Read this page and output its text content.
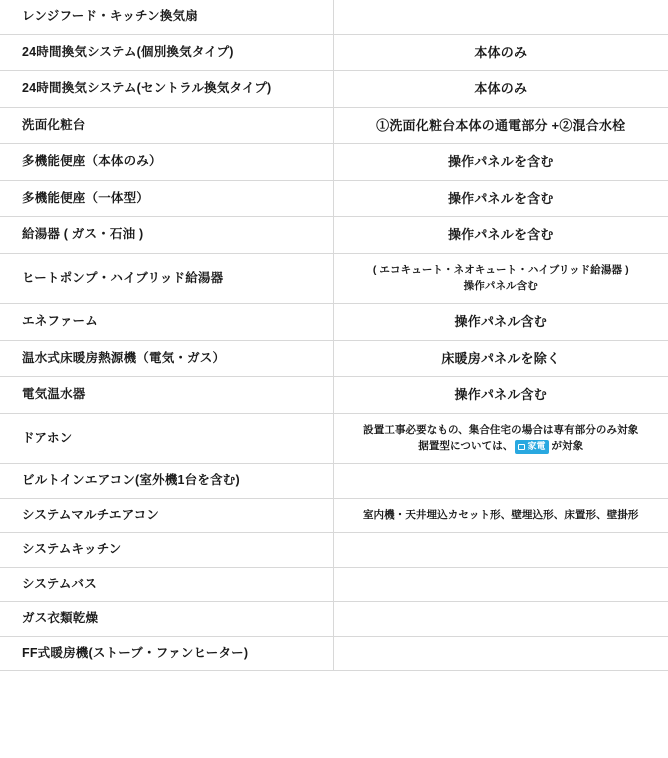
レンジフード・キッチン換気扇	

24時間換気システム(個別換気タイプ)	本体のみ

24時間換気システム(セントラル換気タイプ)	本体のみ

洗面化粧台	①洗面化粧台本体の通電部分 +②混合水栓

多機能便座（本体のみ）	操作パネルを含む

多機能便座（一体型）	操作パネルを含む

給湯器 ( ガス・石油 )	操作パネルを含む

ヒートポンプ・ハイブリッド給湯器	( エコキュート・ネオキュート・ハイブリッド給湯器 )
操作パネル含む

エネファーム	操作パネル含む

温水式床暖房熱源機（電気・ガス）	床暖房パネルを除く

電気温水器	操作パネル含む

ドアホン	設置工事必要なもの、集合住宅の場合は専有部分のみ対象
据置型については、 家電 が対象

ビルトインエアコン(室外機1台を含む)	

システムマルチエアコン	室内機・天井埋込カセット形、壁埋込形、床置形、壁掛形

システムキッチン	

システムバス	

ガス衣類乾燥	

FF式暖房機(ストーブ・ファンヒーター)	
